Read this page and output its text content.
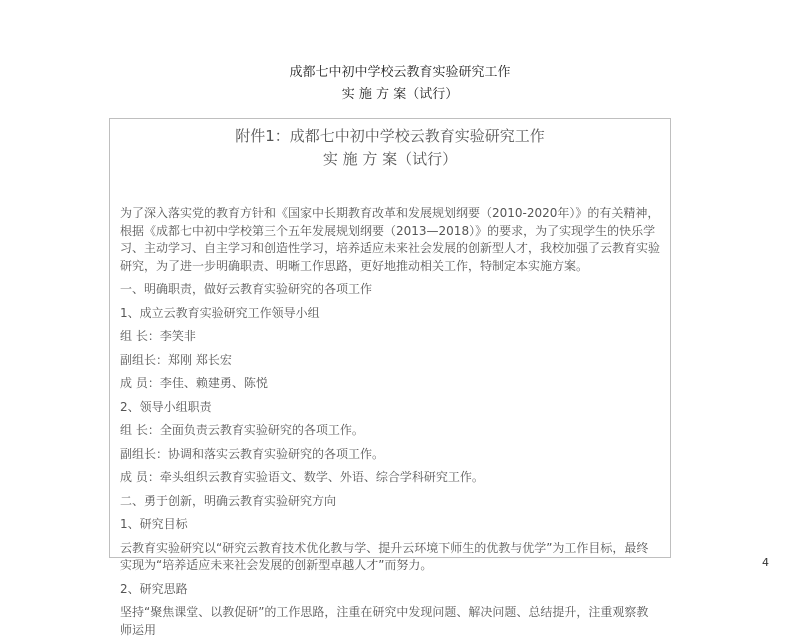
成都七中初中学校云教育实验研究工作
实 施 方 案（试行）
附件1：成都七中初中学校云教育实验研究工作
实 施 方 案（试行）

为了深入落实党的教育方针和《国家中长期教育改革和发展规划纲要（2010-2020年）》的有关精神，根据《成都七中初中学校第三个五年发展规划纲要（2013—2018）》的要求，为了实现学生的快乐学习、主动学习、自主学习和创造性学习，培养适应未来社会发展的创新型人才，我校加强了云教育实验研究，为了进一步明确职责、明晰工作思路，更好地推动相关工作，特制定本实施方案。

一、明确职责，做好云教育实验研究的各项工作

1、成立云教育实验研究工作领导小组

组 长：李笑非

副组长：郑刚 郑长宏

成 员：李佳、赖建勇、陈悦

2、领导小组职责

组 长：全面负责云教育实验研究的各项工作。

副组长：协调和落实云教育实验研究的各项工作。

成 员：牵头组织云教育实验语文、数学、外语、综合学科研究工作。

二、勇于创新，明确云教育实验研究方向

1、研究目标

云教育实验研究以“研究云教育技术优化教与学、提升云环境下师生的优教与优学”为工作目标，最终实现为“培养适应未来社会发展的创新型卓越人才”而努力。

2、研究思路

坚持“聚焦课堂、以教促研”的工作思路，注重在研究中发现问题、解决问题、总结提升，注重观察教师运用

4
